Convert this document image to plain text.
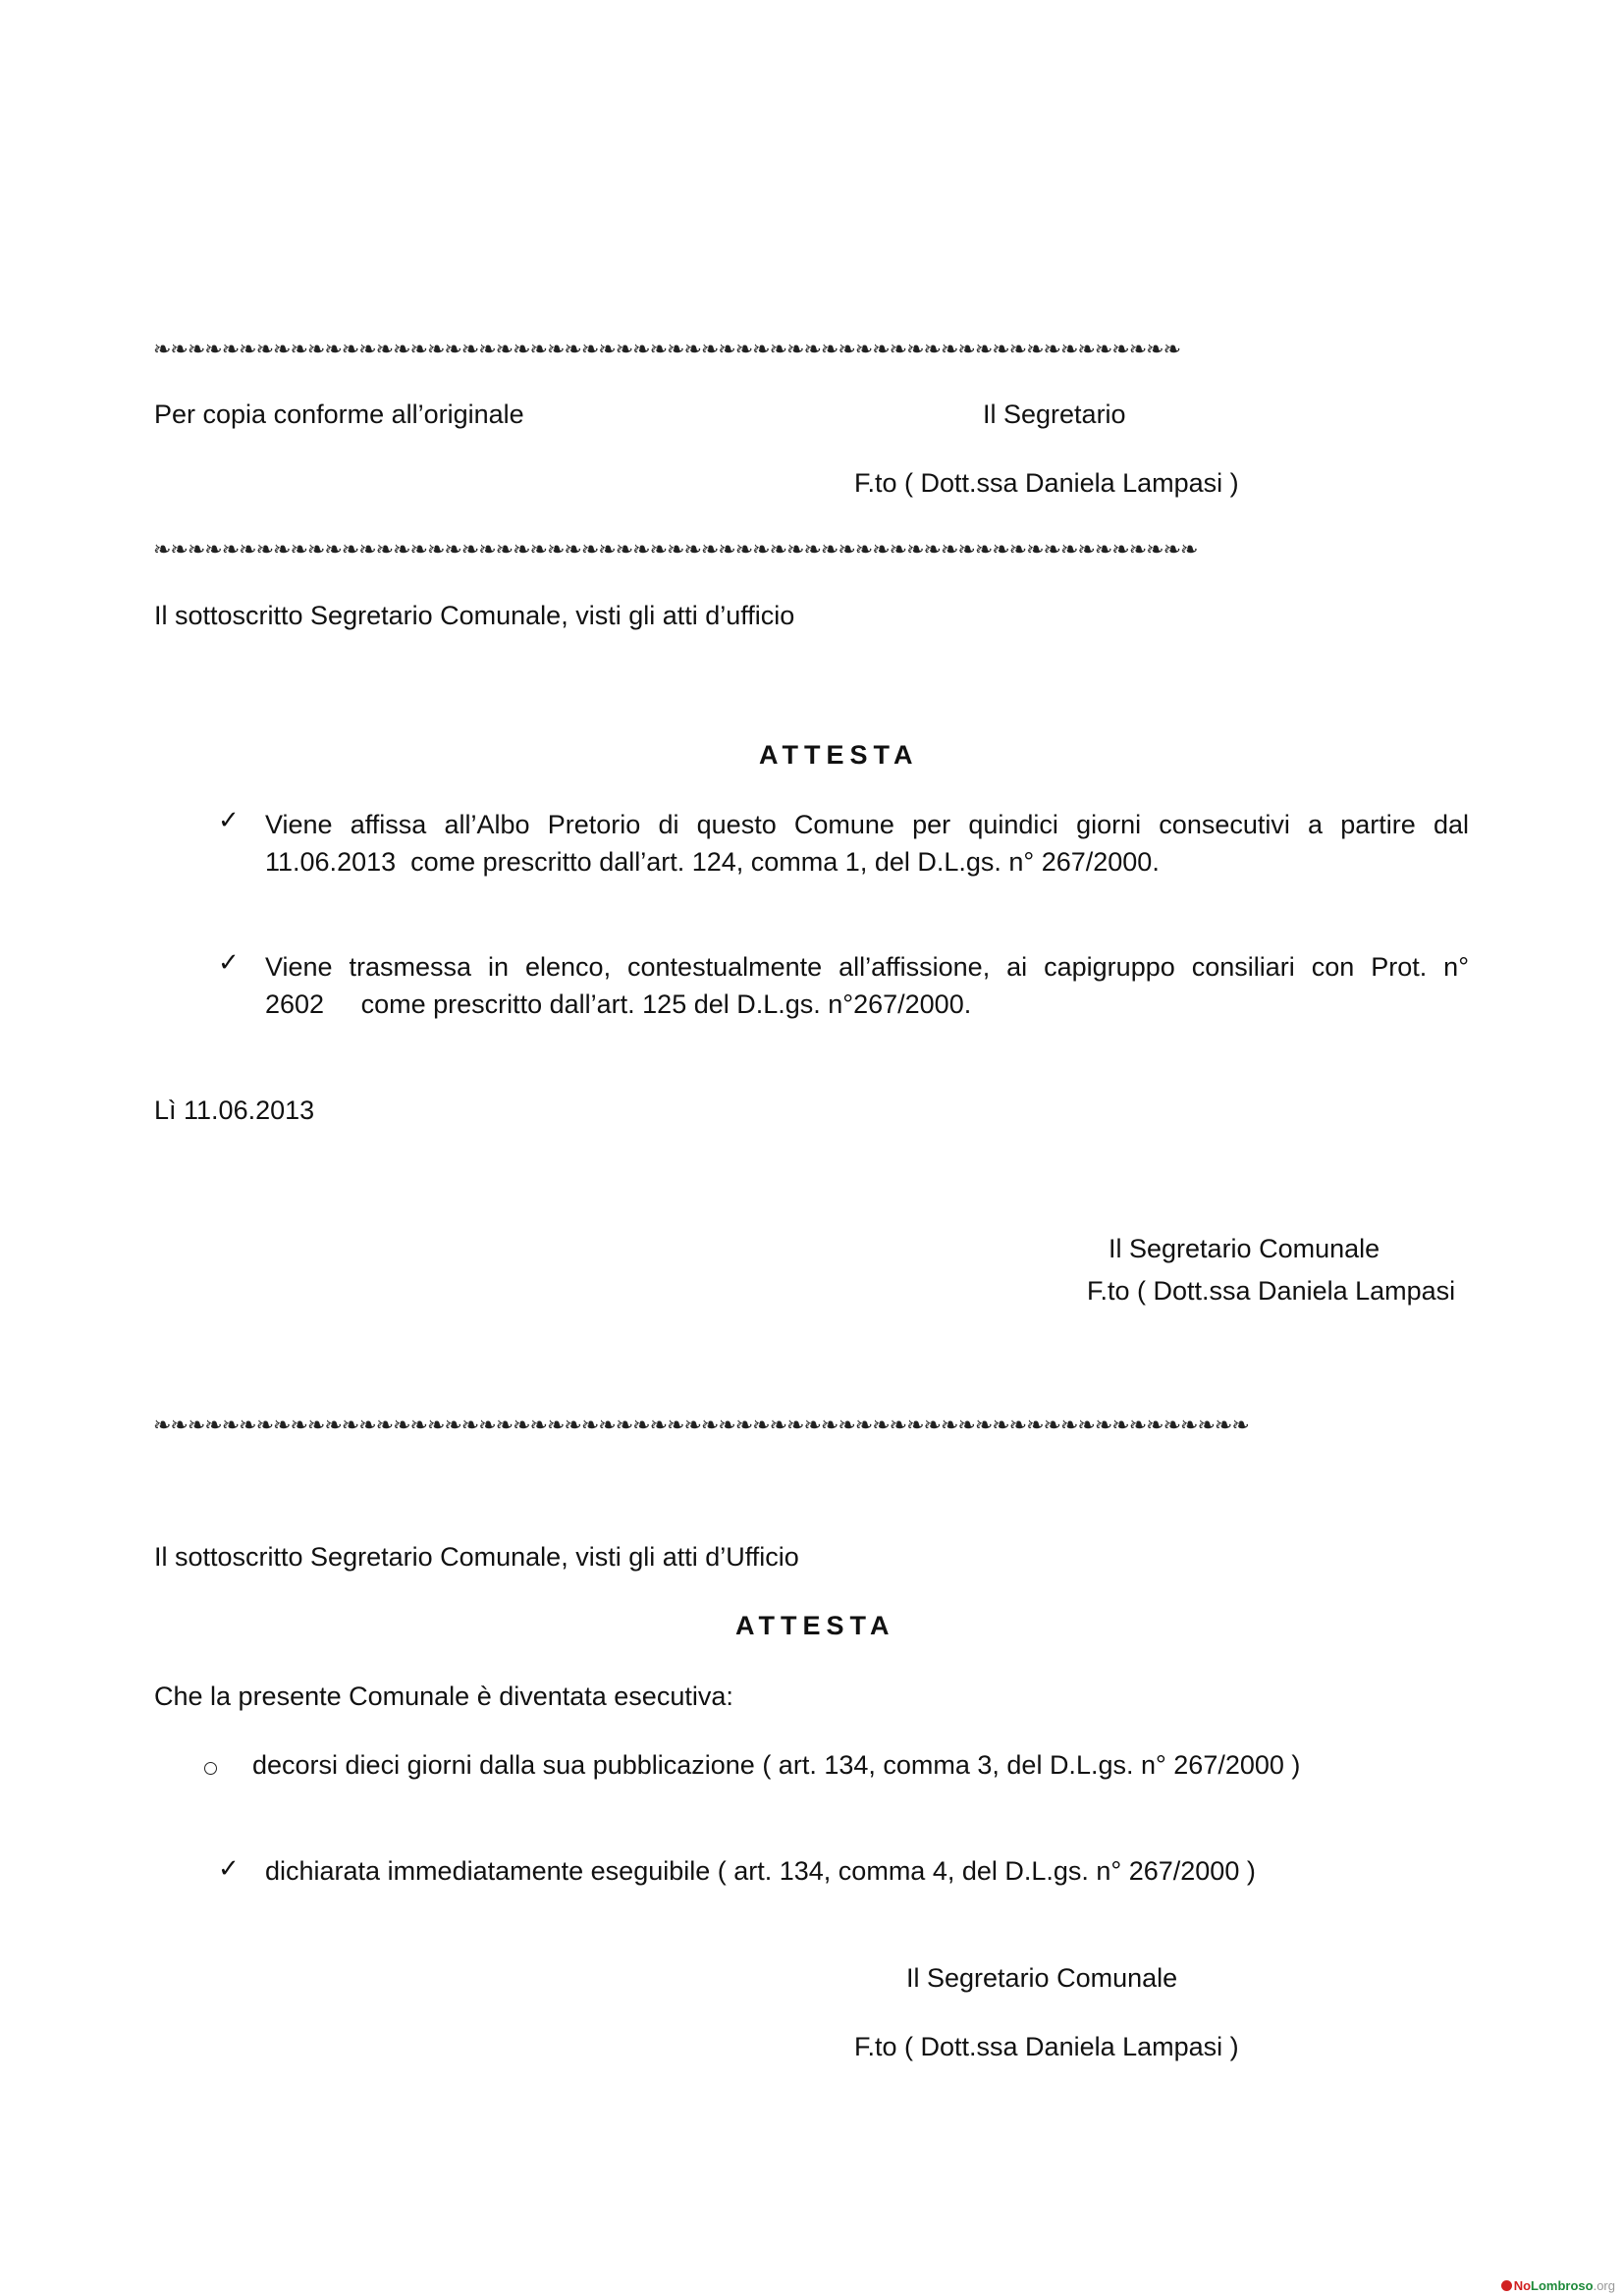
❧❧❧❧❧❧❧❧❧❧❧❧❧❧❧❧❧❧❧❧❧❧❧❧❧❧❧❧❧❧❧❧❧❧❧❧❧❧❧❧❧❧❧❧❧❧❧❧❧❧❧❧❧❧❧❧❧❧❧❧
Per copia conforme all’originale	Il Segretario
F.to ( Dott.ssa Daniela Lampasi )
❧❧❧❧❧❧❧❧❧❧❧❧❧❧❧❧❧❧❧❧❧❧❧❧❧❧❧❧❧❧❧❧❧❧❧❧❧❧❧❧❧❧❧❧❧❧❧❧❧❧❧❧❧❧❧❧❧❧❧❧❧
Il sottoscritto Segretario Comunale, visti gli atti d’ufficio
ATTESTA
✓ Viene affissa all’Albo Pretorio di questo Comune per quindici giorni consecutivi a partire dal
11.06.2013  come prescritto dall’art. 124, comma 1, del D.L.gs. n° 267/2000.
✓ Viene trasmessa in elenco, contestualmente all’affissione, ai capigruppo consiliari con Prot. n°
2602     come prescritto dall’art. 125 del D.L.gs. n°267/2000.
Lì 11.06.2013
Il Segretario Comunale
F.to ( Dott.ssa Daniela Lampasi
❧❧❧❧❧❧❧❧❧❧❧❧❧❧❧❧❧❧❧❧❧❧❧❧❧❧❧❧❧❧❧❧❧❧❧❧❧❧❧❧❧❧❧❧❧❧❧❧❧❧❧❧❧❧❧❧❧❧❧❧❧❧❧❧
Il sottoscritto Segretario Comunale, visti gli atti d’Ufficio
ATTESTA
Che la presente Comunale è diventata esecutiva:
decorsi dieci giorni dalla sua pubblicazione ( art. 134, comma 3, del D.L.gs. n° 267/2000 )
✓ dichiarata immediatamente eseguibile ( art. 134, comma 4, del D.L.gs. n° 267/2000 )
Il Segretario Comunale
F.to ( Dott.ssa Daniela Lampasi )
NoLombroso.org
